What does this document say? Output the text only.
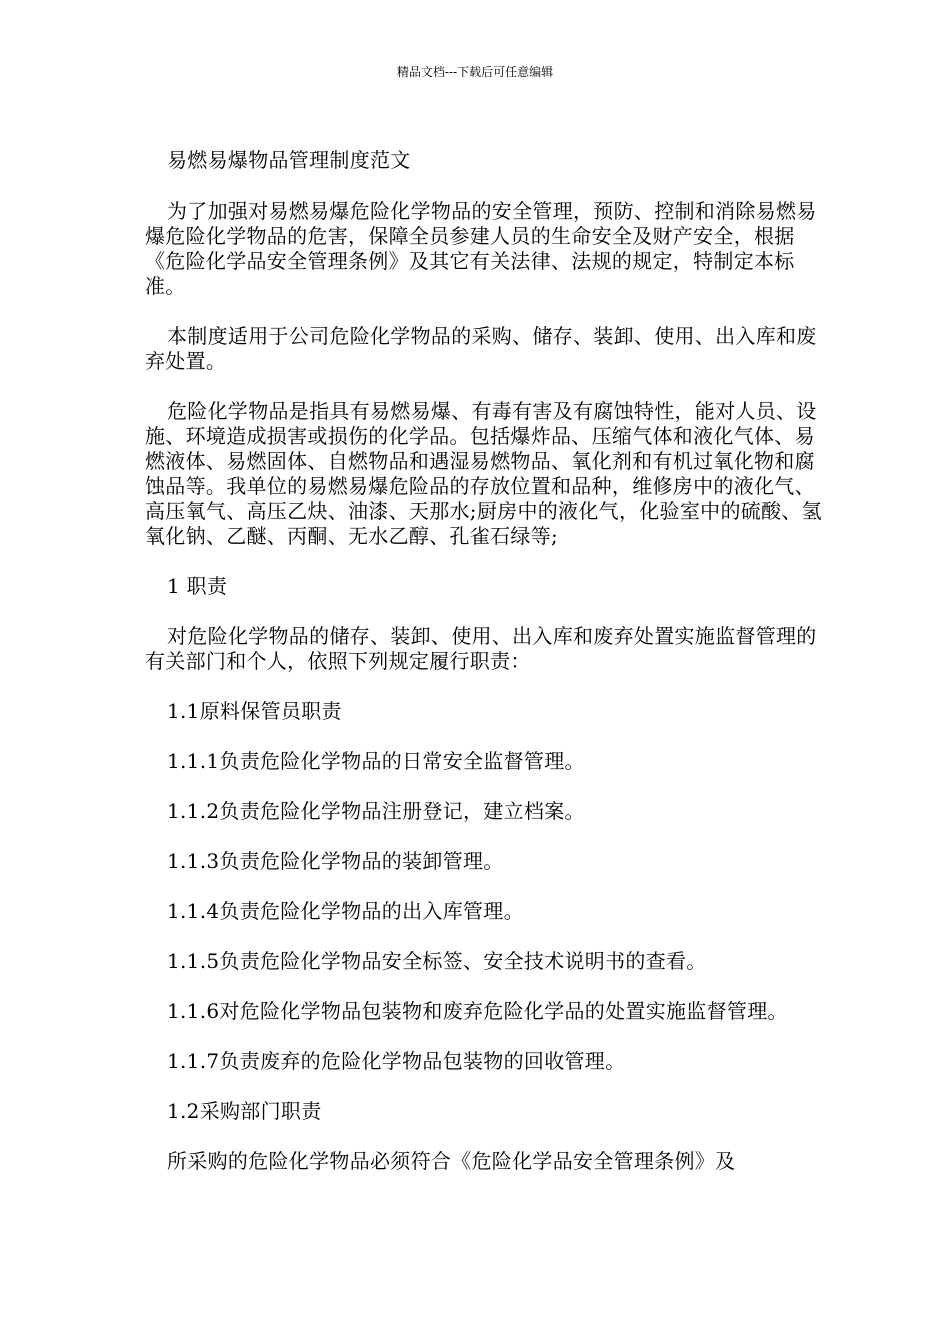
精品文档---下载后可任意编辑

易燃易爆物品管理制度范文

为了加强对易燃易爆危险化学物品的安全管理，预防、控制和消除易燃易爆危险化学物品的危害，保障全员参建人员的生命安全及财产安全，根据《危险化学品安全管理条例》及其它有关法律、法规的规定，特制定本标准。

本制度适用于公司危险化学物品的采购、储存、装卸、使用、出入库和废弃处置。

危险化学物品是指具有易燃易爆、有毒有害及有腐蚀特性，能对人员、设施、环境造成损害或损伤的化学品。包括爆炸品、压缩气体和液化气体、易燃液体、易燃固体、自燃物品和遇湿易燃物品、氧化剂和有机过氧化物和腐蚀品等。我单位的易燃易爆危险品的存放位置和品种，维修房中的液化气、高压氧气、高压乙炔、油漆、天那水;厨房中的液化气，化验室中的硫酸、氢氧化钠、乙醚、丙酮、无水乙醇、孔雀石绿等;

1 职责

对危险化学物品的储存、装卸、使用、出入库和废弃处置实施监督管理的有关部门和个人，依照下列规定履行职责：

1.1原料保管员职责

1.1.1负责危险化学物品的日常安全监督管理。

1.1.2负责危险化学物品注册登记，建立档案。

1.1.3负责危险化学物品的装卸管理。

1.1.4负责危险化学物品的出入库管理。

1.1.5负责危险化学物品安全标签、安全技术说明书的查看。

1.1.6对危险化学物品包装物和废弃危险化学品的处置实施监督管理。

1.1.7负责废弃的危险化学物品包装物的回收管理。

1.2采购部门职责

所采购的危险化学物品必须符合《危险化学品安全管理条例》及
